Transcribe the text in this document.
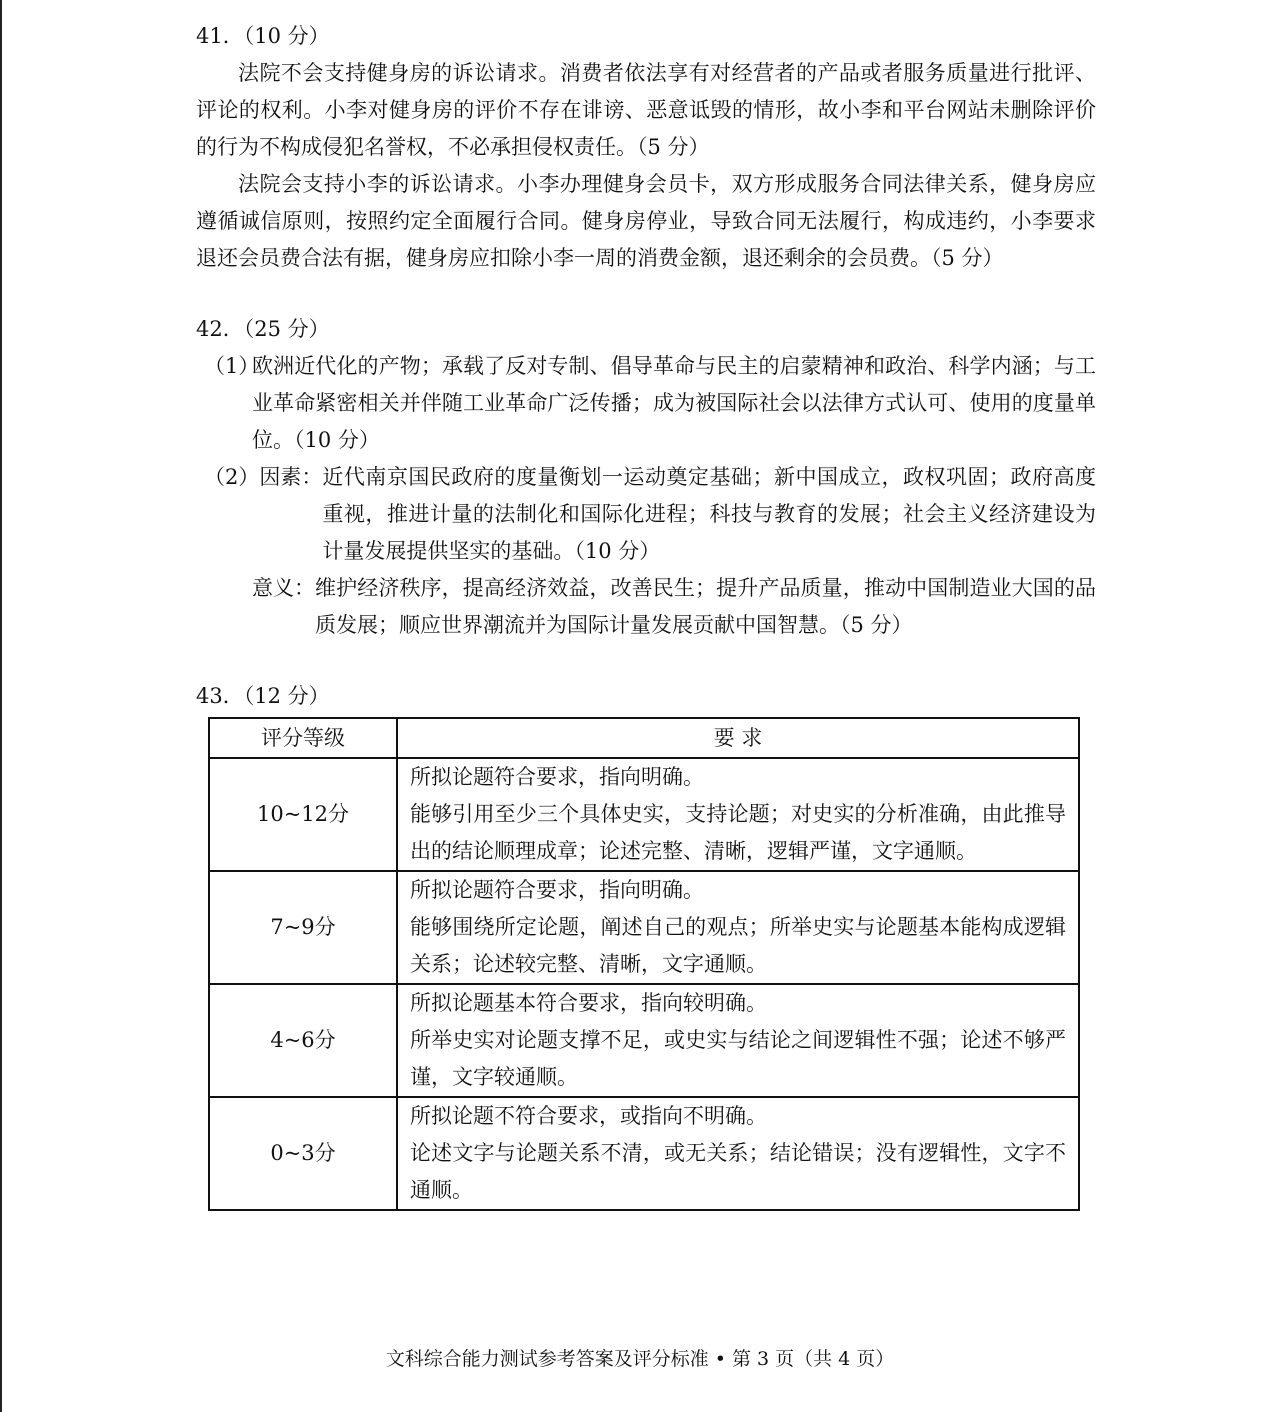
41．（10 分）

法院不会支持健身房的诉讼请求。消费者依法享有对经营者的产品或者服务质量进行批评、评论的权利。小李对健身房的评价不存在诽谤、恶意诋毁的情形，故小李和平台网站未删除评价的行为不构成侵犯名誉权，不必承担侵权责任。（5 分）

法院会支持小李的诉讼请求。小李办理健身会员卡，双方形成服务合同法律关系，健身房应遵循诚信原则，按照约定全面履行合同。健身房停业，导致合同无法履行，构成违约，小李要求退还会员费合法有据，健身房应扣除小李一周的消费金额，退还剩余的会员费。（5 分）

42．（25 分）

（1）
欧洲近代化的产物；承载了反对专制、倡导革命与民主的启蒙精神和政治、科学内涵；与工业革命紧密相关并伴随工业革命广泛传播；成为被国际社会以法律方式认可、使用的度量单位。（10 分）
（2） 因素： 近代南京国民政府的度量衡划一运动奠定基础；新中国成立，政权巩固；政府高度重视，推进计量的法制化和国际化进程；科技与教育的发展；社会主义经济建设为计量发展提供坚实的基础。（10 分）
意义： 维护经济秩序，提高经济效益，改善民生；提升产品质量，推动中国制造业大国的品质发展；顺应世界潮流并为国际计量发展贡献中国智慧。（5 分）

43．（12 分）

评分等级	要 求
10~12分	所拟论题符合要求，指向明确。
能够引用至少三个具体史实，支持论题；对史实的分析准确，由此推导出的结论顺理成章；论述完整、清晰，逻辑严谨，文字通顺。

7~9分	所拟论题符合要求，指向明确。
能够围绕所定论题，阐述自己的观点；所举史实与论题基本能构成逻辑关系；论述较完整、清晰，文字通顺。

4~6分	所拟论题基本符合要求，指向较明确。
所举史实对论题支撑不足，或史实与结论之间逻辑性不强；论述不够严谨，文字较通顺。

0~3分	所拟论题不符合要求，或指向不明确。
论述文字与论题关系不清，或无关系；结论错误；没有逻辑性，文字不通顺。
文科综合能力测试参考答案及评分标准 • 第 3 页（共 4 页）
